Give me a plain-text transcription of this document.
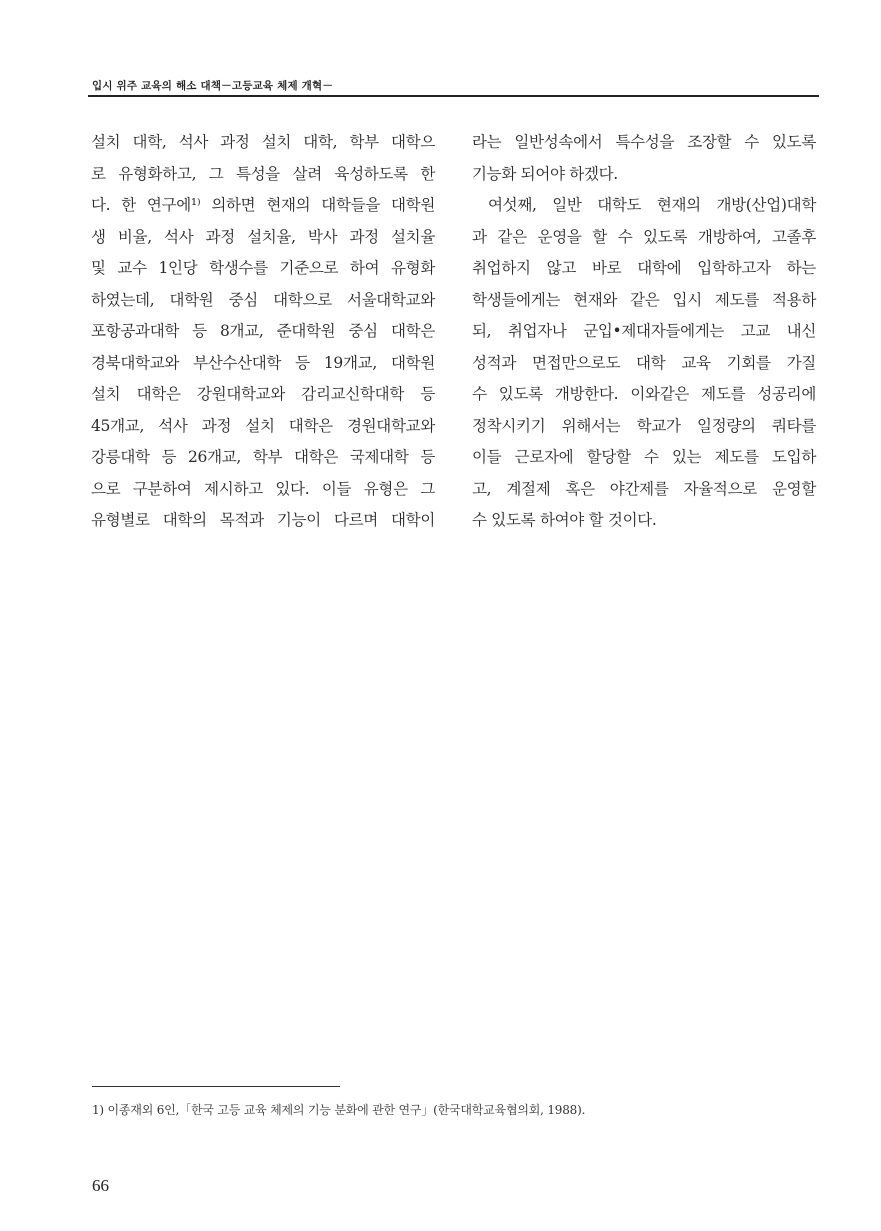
입시 위주 교육의 해소 대책－고등교육 체제 개혁－
설치 대학, 석사 과정 설치 대학, 학부 대학으
로 유형화하고, 그 특성을 살려 육성하도록 한
다. 한 연구에¹⁾ 의하면 현재의 대학들을 대학원
생 비율, 석사 과정 설치율, 박사 과정 설치율
및 교수 1인당 학생수를 기준으로 하여 유형화
하였는데, 대학원 중심 대학으로 서울대학교와
포항공과대학 등 8개교, 준대학원 중심 대학은
경북대학교와 부산수산대학 등 19개교, 대학원
설치 대학은 강원대학교와 감리교신학대학 등
45개교, 석사 과정 설치 대학은 경원대학교와
강릉대학 등 26개교, 학부 대학은 국제대학 등
으로 구분하여 제시하고 있다. 이들 유형은 그
유형별로 대학의 목적과 기능이 다르며 대학이
라는 일반성속에서 특수성을 조장할 수 있도록
기능화 되어야 하겠다.
여섯째, 일반 대학도 현재의 개방(산업)대학
과 같은 운영을 할 수 있도록 개방하여, 고졸후
취업하지 않고 바로 대학에 입학하고자 하는
학생들에게는 현재와 같은 입시 제도를 적용하
되, 취업자나 군입•제대자들에게는 고교 내신
성적과 면접만으로도 대학 교육 기회를 가질
수 있도록 개방한다. 이와같은 제도를 성공리에
정착시키기 위해서는 학교가 일정량의 쿼타를
이들 근로자에 할당할 수 있는 제도를 도입하
고, 계절제 혹은 야간제를 자율적으로 운영할
수 있도록 하여야 할 것이다.
1) 이종재외 6인,「한국 고등 교육 체제의 기능 분화에 관한 연구」(한국대학교육협의회, 1988).
66
